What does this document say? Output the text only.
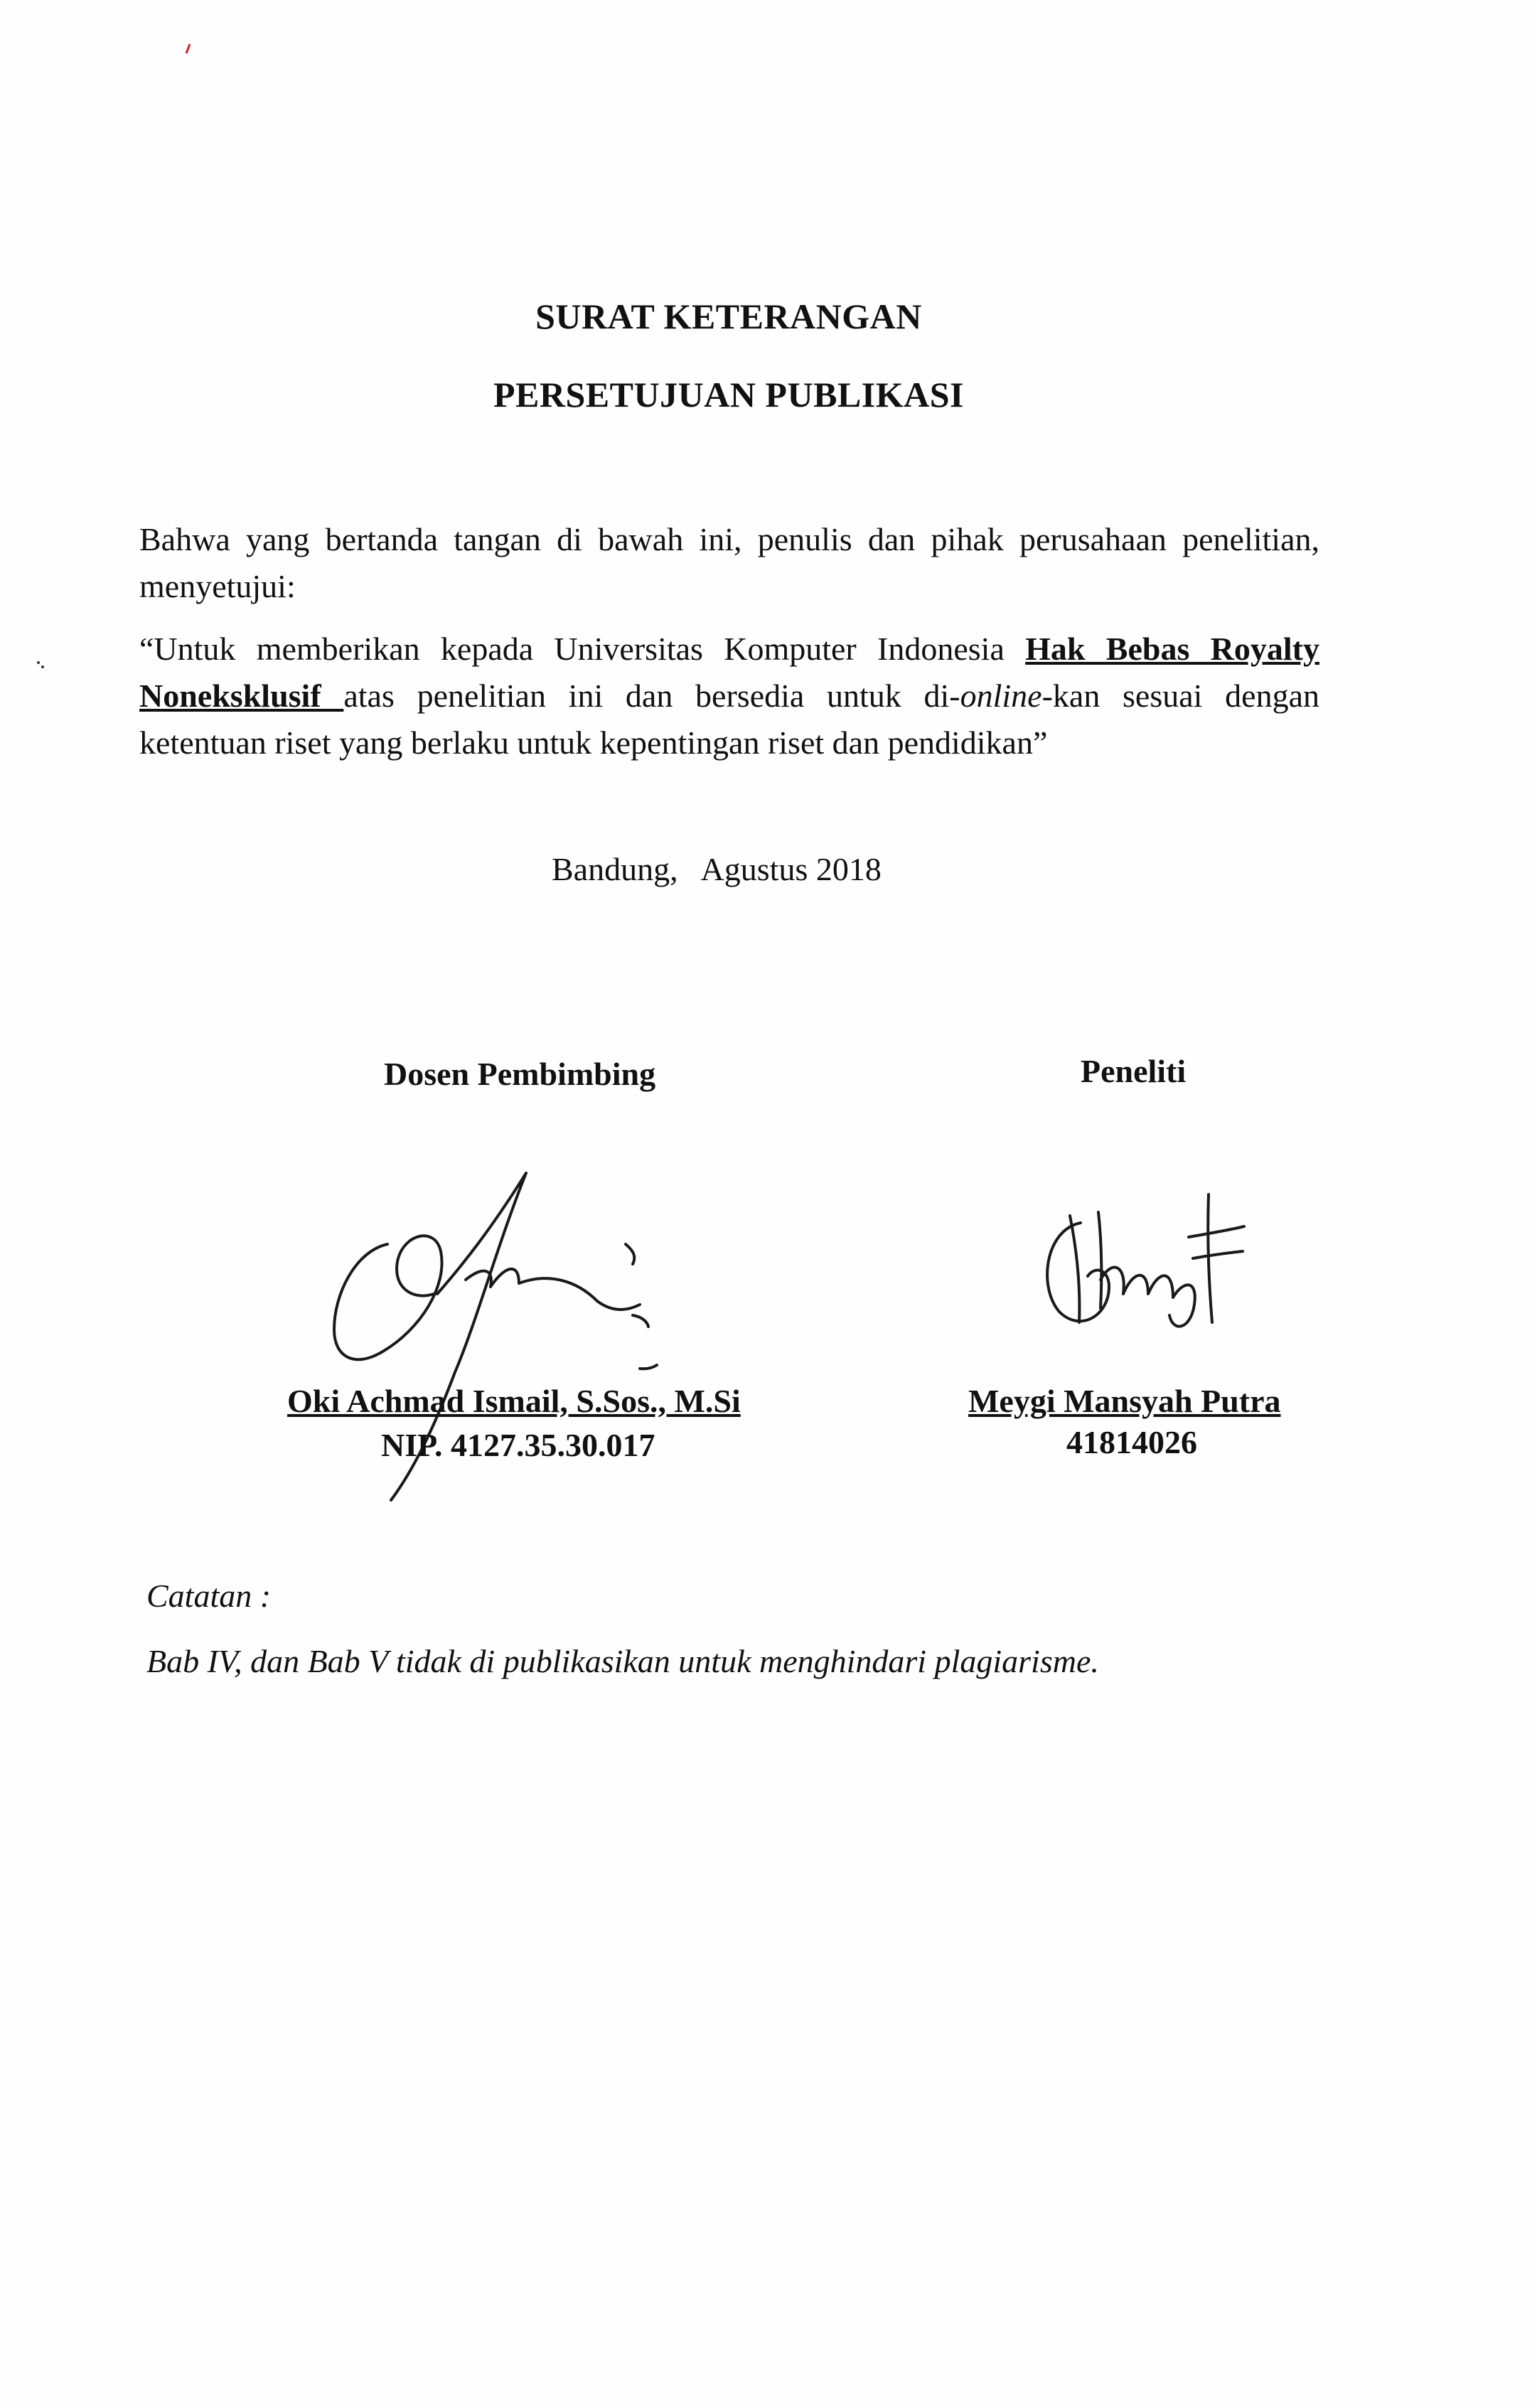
SURAT KETERANGAN
PERSETUJUAN PUBLIKASI
Bahwa yang bertanda tangan di bawah ini, penulis dan pihak perusahaan penelitian, menyetujui:
“Untuk memberikan kepada Universitas Komputer Indonesia Hak Bebas Royalty Noneksklusif atas penelitian ini dan bersedia untuk di-online-kan sesuai dengan ketentuan riset yang berlaku untuk kepentingan riset dan pendidikan”
Bandung,   Agustus 2018
Dosen Pembimbing	Peneliti
Oki Achmad Ismail, S.Sos., M.Si
NIP. 4127.35.30.017
Meygi Mansyah Putra
41814026
Catatan :
Bab IV, dan Bab V tidak di publikasikan untuk menghindari plagiarisme.
